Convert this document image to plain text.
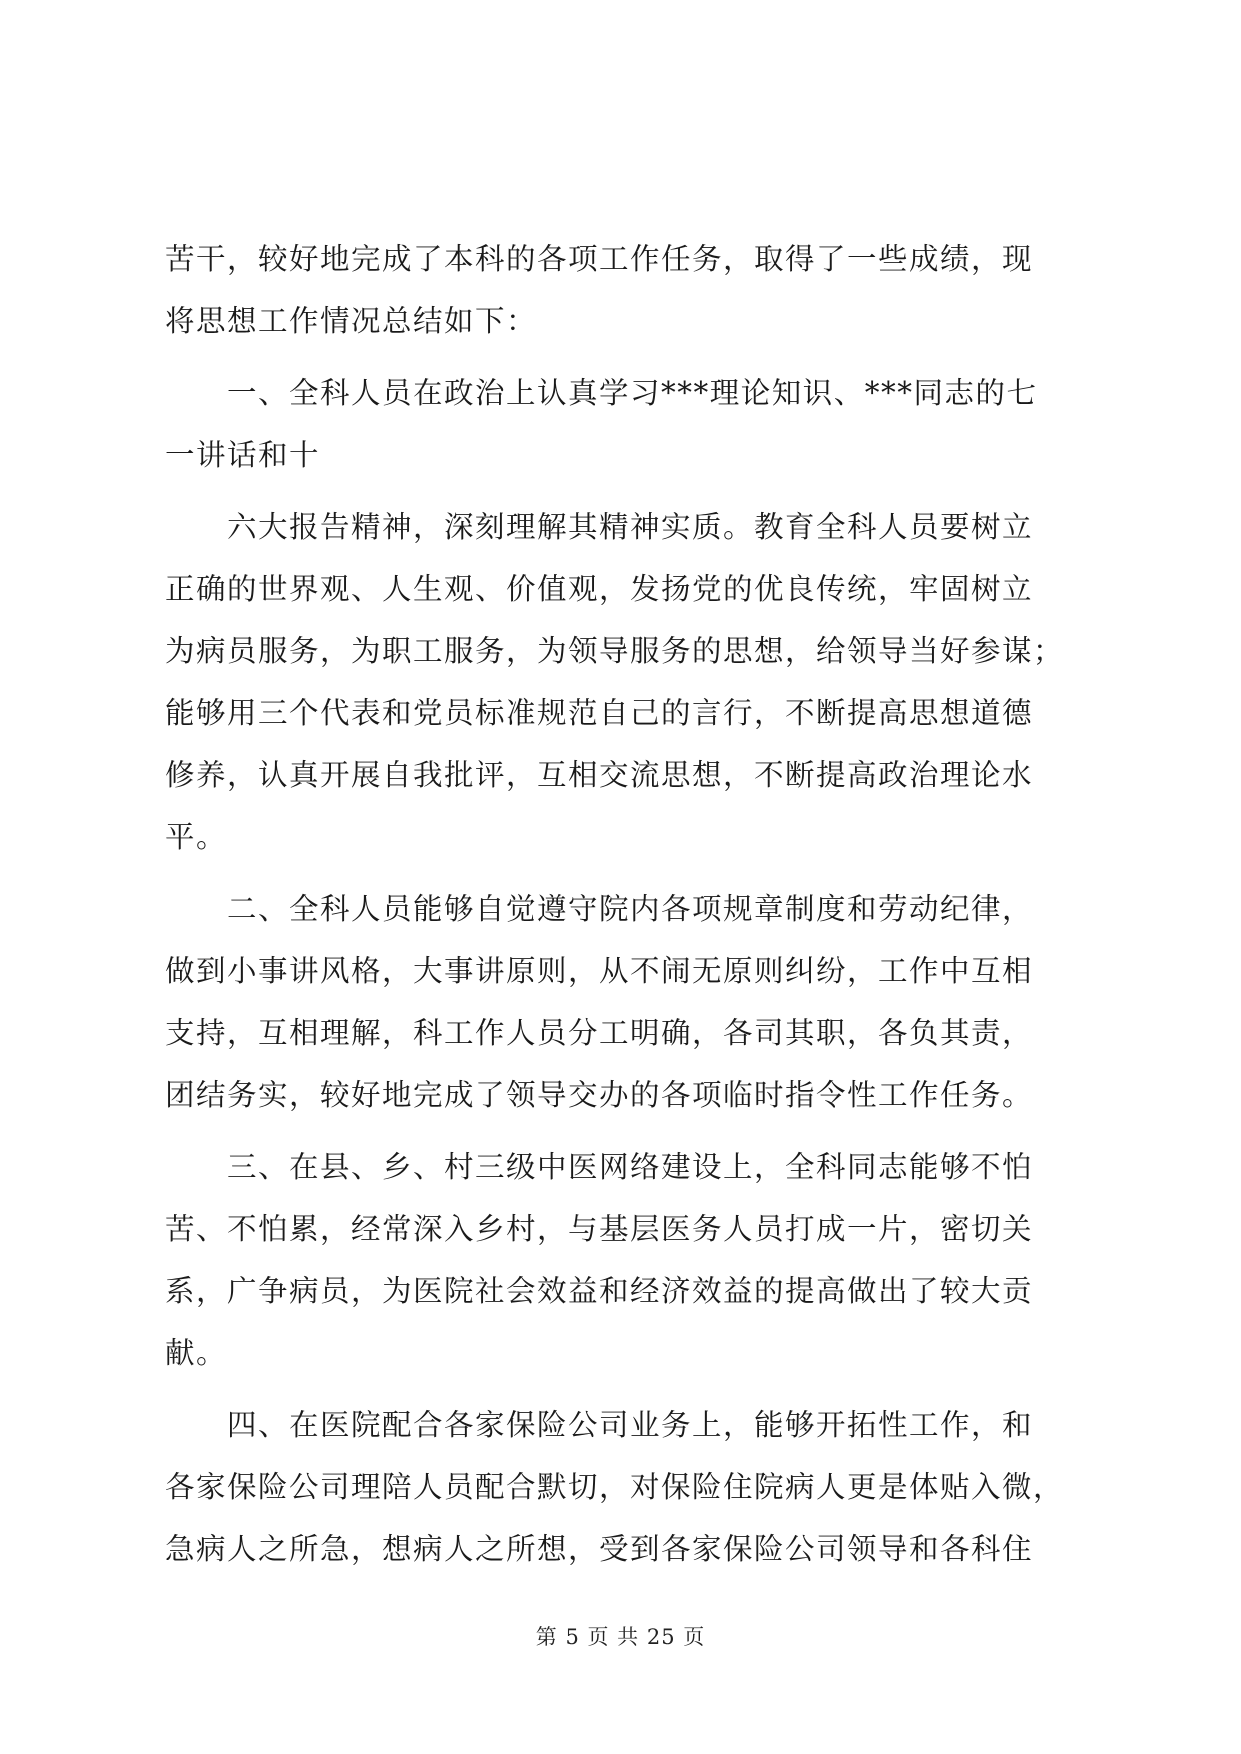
苦干，较好地完成了本科的各项工作任务，取得了一些成绩，现
将思想工作情况总结如下：
　　一、全科人员在政治上认真学习***理论知识、***同志的七
一讲话和十
　　六大报告精神，深刻理解其精神实质。教育全科人员要树立
正确的世界观、人生观、价值观，发扬党的优良传统，牢固树立
为病员服务，为职工服务，为领导服务的思想，给领导当好参谋；
能够用三个代表和党员标准规范自己的言行，不断提高思想道德
修养，认真开展自我批评，互相交流思想，不断提高政治理论水
平。
　　二、全科人员能够自觉遵守院内各项规章制度和劳动纪律，
做到小事讲风格，大事讲原则，从不闹无原则纠纷，工作中互相
支持，互相理解，科工作人员分工明确，各司其职，各负其责，
团结务实，较好地完成了领导交办的各项临时指令性工作任务。
　　三、在县、乡、村三级中医网络建设上，全科同志能够不怕
苦、不怕累，经常深入乡村，与基层医务人员打成一片，密切关
系，广争病员，为医院社会效益和经济效益的提高做出了较大贡
献。
　　四、在医院配合各家保险公司业务上，能够开拓性工作，和
各家保险公司理陪人员配合默切，对保险住院病人更是体贴入微，
急病人之所急，想病人之所想，受到各家保险公司领导和各科住
第 5 页 共 25 页
